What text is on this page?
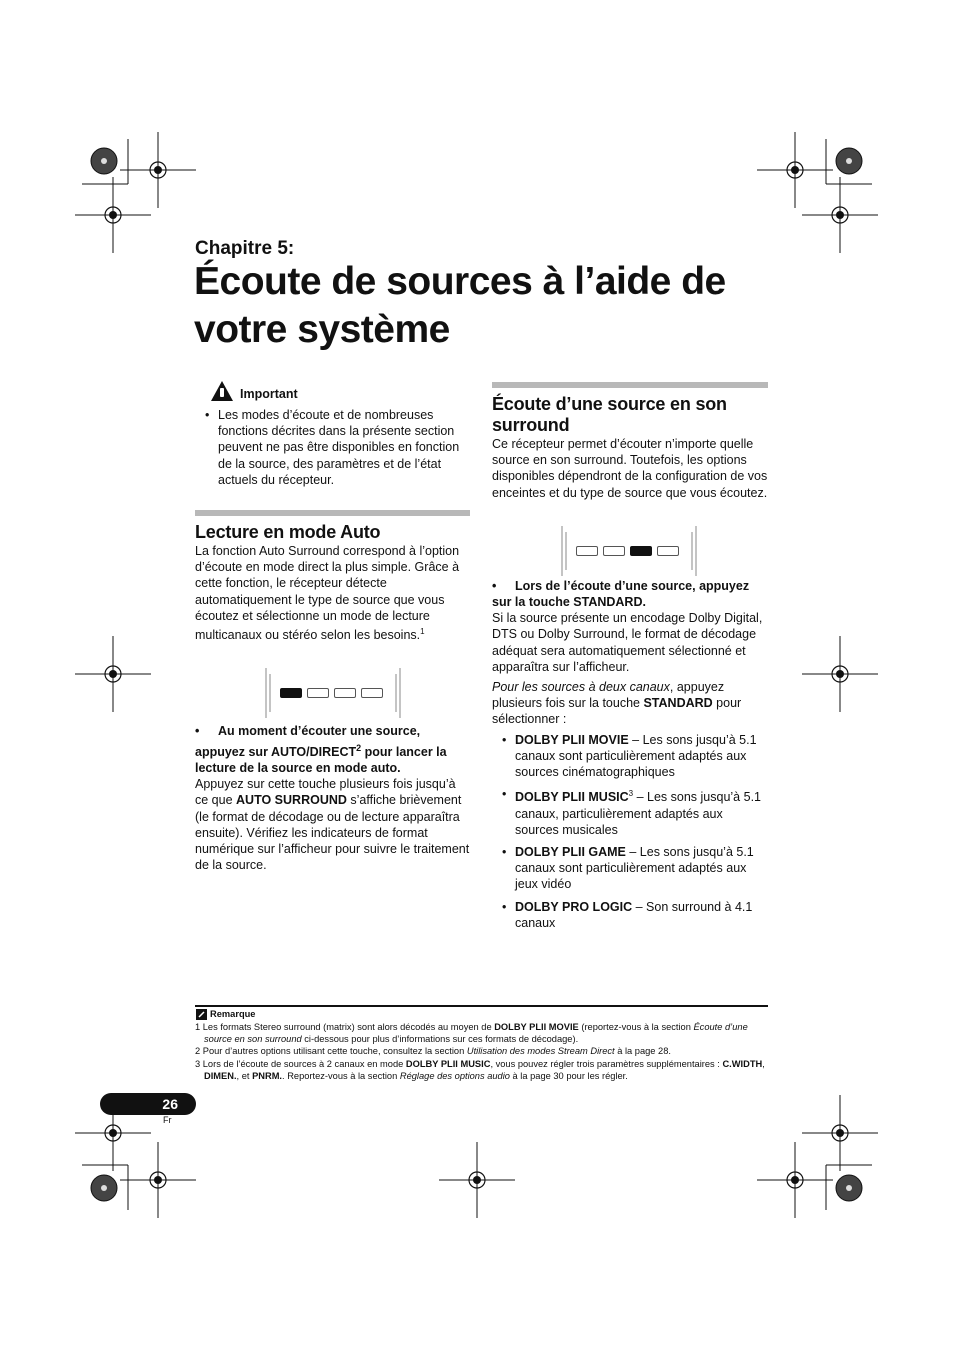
Chapitre 5:
Écoute de sources à l’aide de
votre système
Important
• Les modes d’écoute et de nombreuses fonctions décrites dans la présente section peuvent ne pas être disponibles en fonction de la source, des paramètres et de l’état actuels du récepteur.
Lecture en mode Auto

La fonction Auto Surround correspond à l’option d’écoute en mode direct la plus simple. Grâce à cette fonction, le récepteur détecte automatiquement le type de source que vous écoutez et sélectionne un mode de lecture multicanaux ou stéréo selon les besoins.$^1$

• Au moment d’écouter une source, appuyez sur AUTO/DIRECT$^2$ pour lancer la lecture de la source en mode auto.

Appuyez sur cette touche plusieurs fois jusqu’à ce que AUTO SURROUND s’affiche brièvement (le format de décodage ou de lecture apparaîtra ensuite). Vérifiez les indicateurs de format numérique sur l’afficheur pour suivre le traitement de la source.

Écoute d’une source en son surround

Ce récepteur permet d’écouter n’importe quelle source en son surround. Toutefois, les options disponibles dépendront de la configuration de vos enceintes et du type de source que vous écoutez.

• Lors de l’écoute d’une source, appuyez sur la touche STANDARD.

Si la source présente un encodage Dolby Digital, DTS ou Dolby Surround, le format de décodage adéquat sera automatiquement sélectionné et apparaîtra sur l’afficheur.

Pour les sources à deux canaux, appuyez plusieurs fois sur la touche STANDARD pour sélectionner :

• DOLBY PLII MOVIE – Les sons jusqu’à 5.1 canaux sont particulièrement adaptés aux sources cinématographiques
• DOLBY PLII MUSIC$^3$ – Les sons jusqu’à 5.1 canaux, particulièrement adaptés aux sources musicales
• DOLBY PLII GAME – Les sons jusqu’à 5.1 canaux sont particulièrement adaptés aux jeux vidéo
• DOLBY PRO LOGIC – Son surround à 4.1 canaux
Remarque
1 Les formats Stereo surround (matrix) sont alors décodés au moyen de DOLBY PLII MOVIE (reportez-vous à la section Écoute d’une source en son surround ci-dessous pour plus d’informations sur ces formats de décodage).
2 Pour d’autres options utilisant cette touche, consultez la section Utilisation des modes Stream Direct à la page 28.
3 Lors de l’écoute de sources à 2 canaux en mode DOLBY PLII MUSIC, vous pouvez régler trois paramètres supplémentaires : C.WIDTH, DIMEN., et PNRM.. Reportez-vous à la section Réglage des options audio à la page 30 pour les régler.
26
Fr
